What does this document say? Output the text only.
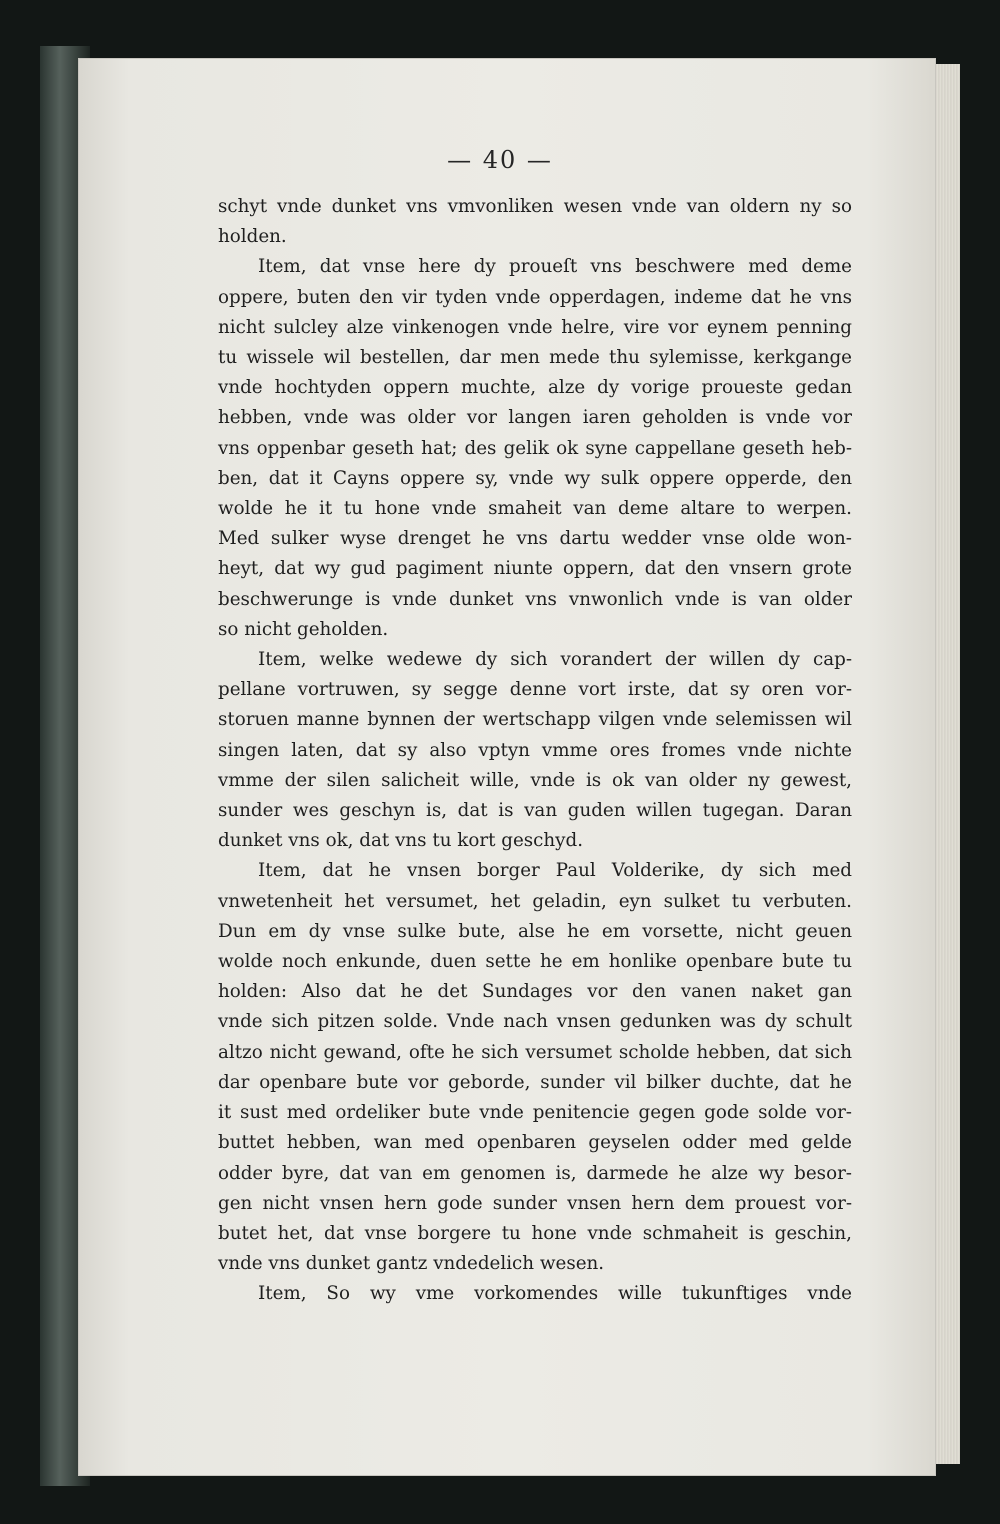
— 40 —

schyt vnde dunket vns vmvonliken wesen vnde van oldern ny so

holden.

Item, dat vnse here dy proueſt vns beschwere med deme

oppere, buten den vir tyden vnde opperdagen, indeme dat he vns

nicht sulcley alze vinkenogen vnde helre, vire vor eynem penning

tu wissele wil bestellen, dar men mede thu sylemisse, kerkgange

vnde hochtyden oppern muchte, alze dy vorige proueste gedan

hebben, vnde was older vor langen iaren geholden is vnde vor

vns oppenbar geseth hat; des gelik ok syne cappellane geseth heb-

ben, dat it Cayns oppere sy, vnde wy sulk oppere opperde, den

wolde he it tu hone vnde smaheit van deme altare to werpen.

Med sulker wyse drenget he vns dartu wedder vnse olde won-

heyt, dat wy gud pagiment niunte oppern, dat den vnsern grote

beschwerunge is vnde dunket vns vnwonlich vnde is van older

so nicht geholden.

Item, welke wedewe dy sich vorandert der willen dy cap-

pellane vortruwen, sy segge denne vort irste, dat sy oren vor-

storuen manne bynnen der wertschapp vilgen vnde selemissen wil

singen laten, dat sy also vptyn vmme ores fromes vnde nichte

vmme der silen salicheit wille, vnde is ok van older ny gewest,

sunder wes geschyn is, dat is van guden willen tugegan. Daran

dunket vns ok, dat vns tu kort geschyd.

Item, dat he vnsen borger Paul Volderike, dy sich med

vnwetenheit het versumet, het geladin, eyn sulket tu verbuten.

Dun em dy vnse sulke bute, alse he em vorsette, nicht geuen

wolde noch enkunde, duen sette he em honlike openbare bute tu

holden: Also dat he det Sundages vor den vanen naket gan

vnde sich pitzen solde. Vnde nach vnsen gedunken was dy schult

altzo nicht gewand, ofte he sich versumet scholde hebben, dat sich

dar openbare bute vor geborde, sunder vil bilker duchte, dat he

it sust med ordeliker bute vnde penitencie gegen gode solde vor-

buttet hebben, wan med openbaren geyselen odder med gelde

odder byre, dat van em genomen is, darmede he alze wy besor-

gen nicht vnsen hern gode sunder vnsen hern dem prouest vor-

butet het, dat vnse borgere tu hone vnde schmaheit is geschin,

vnde vns dunket gantz vndedelich wesen.

Item, So wy vme vorkomendes wille tukunftiges vnde
